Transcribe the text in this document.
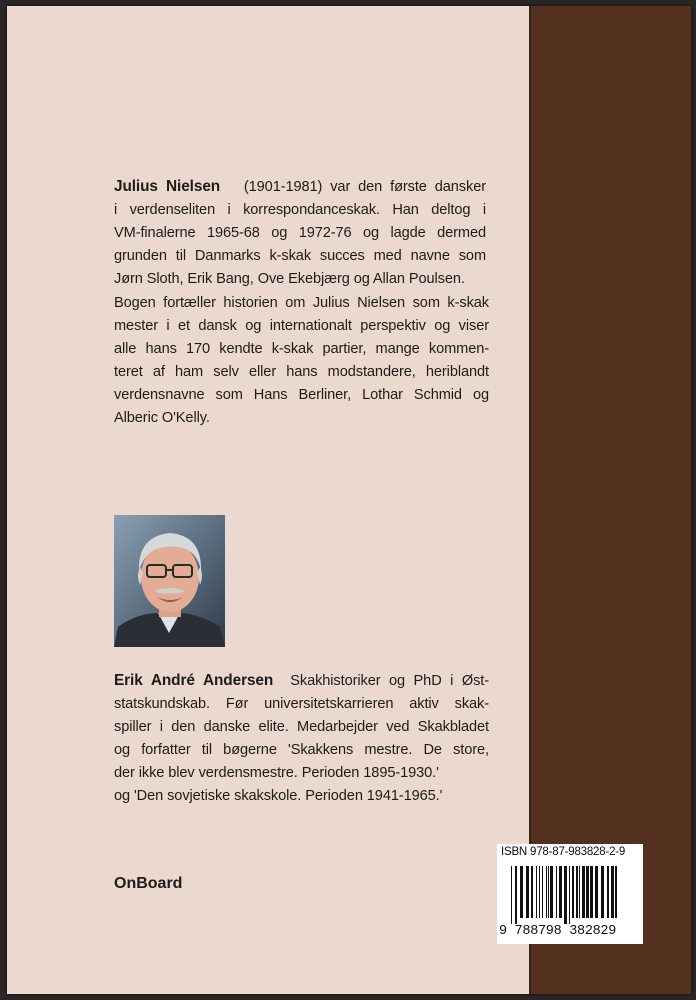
Julius Nielsen (1901-1981) var den første dansker
i verdenseliten i korrespondanceskak. Han deltog i
VM-finalerne 1965-68 og 1972-76 og lagde dermed
grunden til Danmarks k-skak succes med navne som
Jørn Sloth, Erik Bang, Ove Ekebjærg og Allan Poulsen.
Bogen fortæller historien om Julius Nielsen som k-skak
mester i et dansk og internationalt perspektiv og viser
alle hans 170 kendte k-skak partier, mange kommen-
teret af ham selv eller hans modstandere, heriblandt
verdensnavne som Hans Berliner, Lothar Schmid og
Alberic O'Kelly.
Erik André Andersen Skakhistoriker og PhD i Øst-
statskundskab. Før universitetskarrieren aktiv skak-
spiller i den danske elite. Medarbejder ved Skakbladet
og forfatter til bøgerne 'Skakkens mestre. De store,
der ikke blev verdensmestre. Perioden 1895-1930.'
og 'Den sovjetiske skakskole. Perioden 1941-1965.'
OnBoard
ISBN 978-87-983828-2-9
9 788798 382829
